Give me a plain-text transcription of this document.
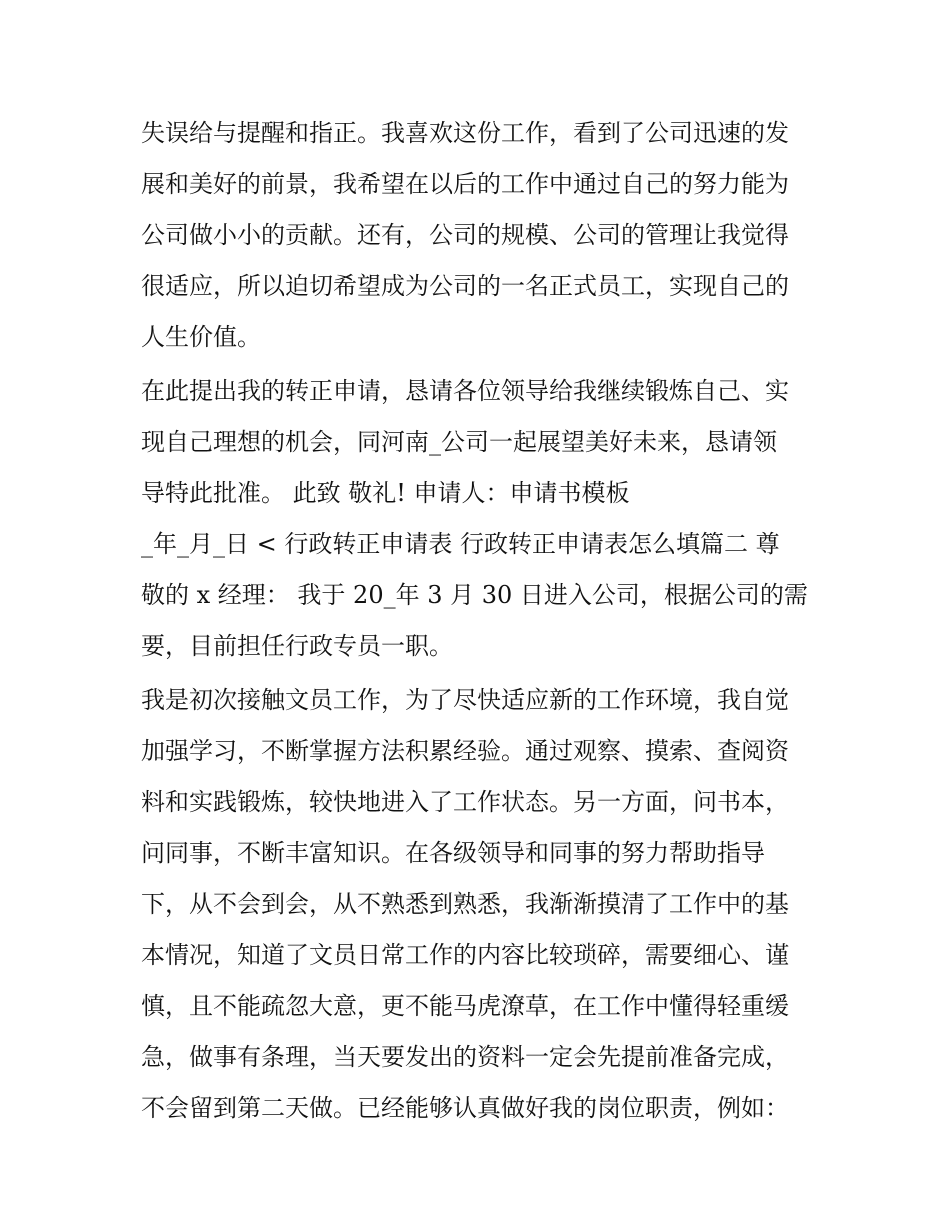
失误给与提醒和指正。我喜欢这份工作，看到了公司迅速的发
展和美好的前景，我希望在以后的工作中通过自己的努力能为
公司做小小的贡献。还有，公司的规模、公司的管理让我觉得
很适应，所以迫切希望成为公司的一名正式员工，实现自己的
人生价值。
在此提出我的转正申请，恳请各位领导给我继续锻炼自己、实
现自己理想的机会，同河南_公司一起展望美好未来，恳请领
导特此批准。 此致 敬礼! 申请人：申请书模板
_年_月_日 < 行政转正申请表 行政转正申请表怎么填篇二 尊
敬的 x 经理： 我于 20_年 3 月 30 日进入公司，根据公司的需
要，目前担任行政专员一职。
我是初次接触文员工作，为了尽快适应新的工作环境，我自觉
加强学习，不断掌握方法积累经验。通过观察、摸索、查阅资
料和实践锻炼，较快地进入了工作状态。另一方面，问书本，
问同事，不断丰富知识。在各级领导和同事的努力帮助指导
下，从不会到会，从不熟悉到熟悉，我渐渐摸清了工作中的基
本情况，知道了文员日常工作的内容比较琐碎，需要细心、谨
慎，且不能疏忽大意，更不能马虎潦草，在工作中懂得轻重缓
急，做事有条理，当天要发出的资料一定会先提前准备完成，
不会留到第二天做。已经能够认真做好我的岗位职责，例如：
